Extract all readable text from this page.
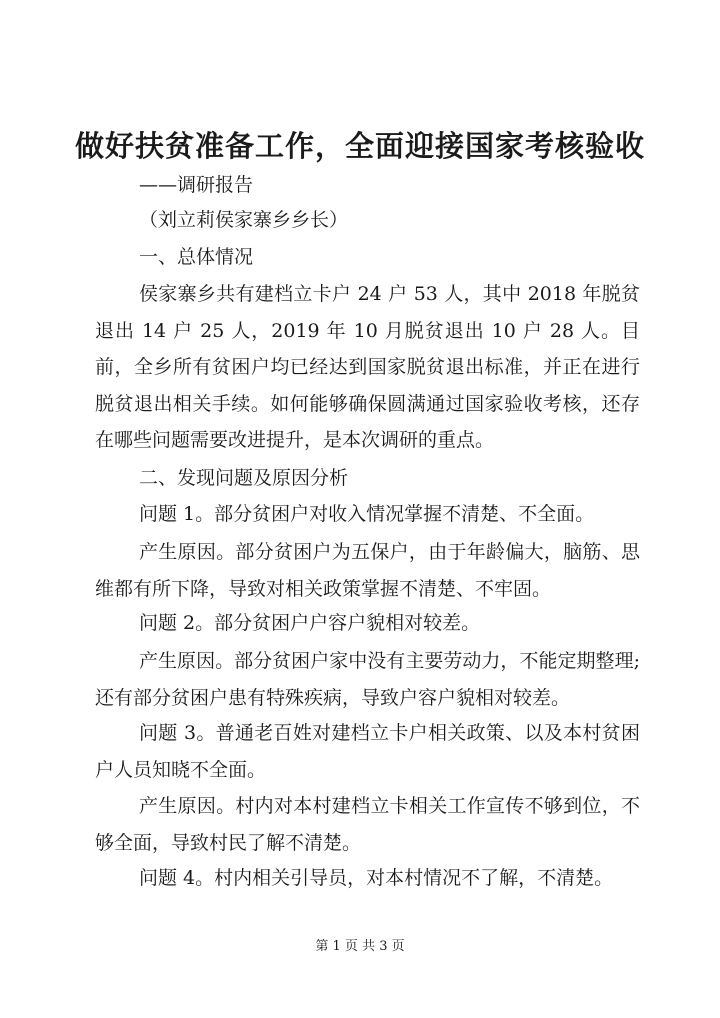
做好扶贫准备工作，全面迎接国家考核验收

——调研报告

（刘立莉侯家寨乡乡长）

一、总体情况

侯家寨乡共有建档立卡户 24 户 53 人，其中 2018 年脱贫退出 14 户 25 人，2019 年 10 月脱贫退出 10 户 28 人。目前，全乡所有贫困户均已经达到国家脱贫退出标准，并正在进行脱贫退出相关手续。如何能够确保圆满通过国家验收考核，还存在哪些问题需要改进提升，是本次调研的重点。

二、发现问题及原因分析

问题 1。部分贫困户对收入情况掌握不清楚、不全面。

产生原因。部分贫困户为五保户，由于年龄偏大，脑筋、思维都有所下降，导致对相关政策掌握不清楚、不牢固。

问题 2。部分贫困户户容户貌相对较差。

产生原因。部分贫困户家中没有主要劳动力，不能定期整理;还有部分贫困户患有特殊疾病，导致户容户貌相对较差。

问题 3。普通老百姓对建档立卡户相关政策、以及本村贫困户人员知晓不全面。

产生原因。村内对本村建档立卡相关工作宣传不够到位，不够全面，导致村民了解不清楚。

问题 4。村内相关引导员，对本村情况不了解，不清楚。

第 1 页 共 3 页
